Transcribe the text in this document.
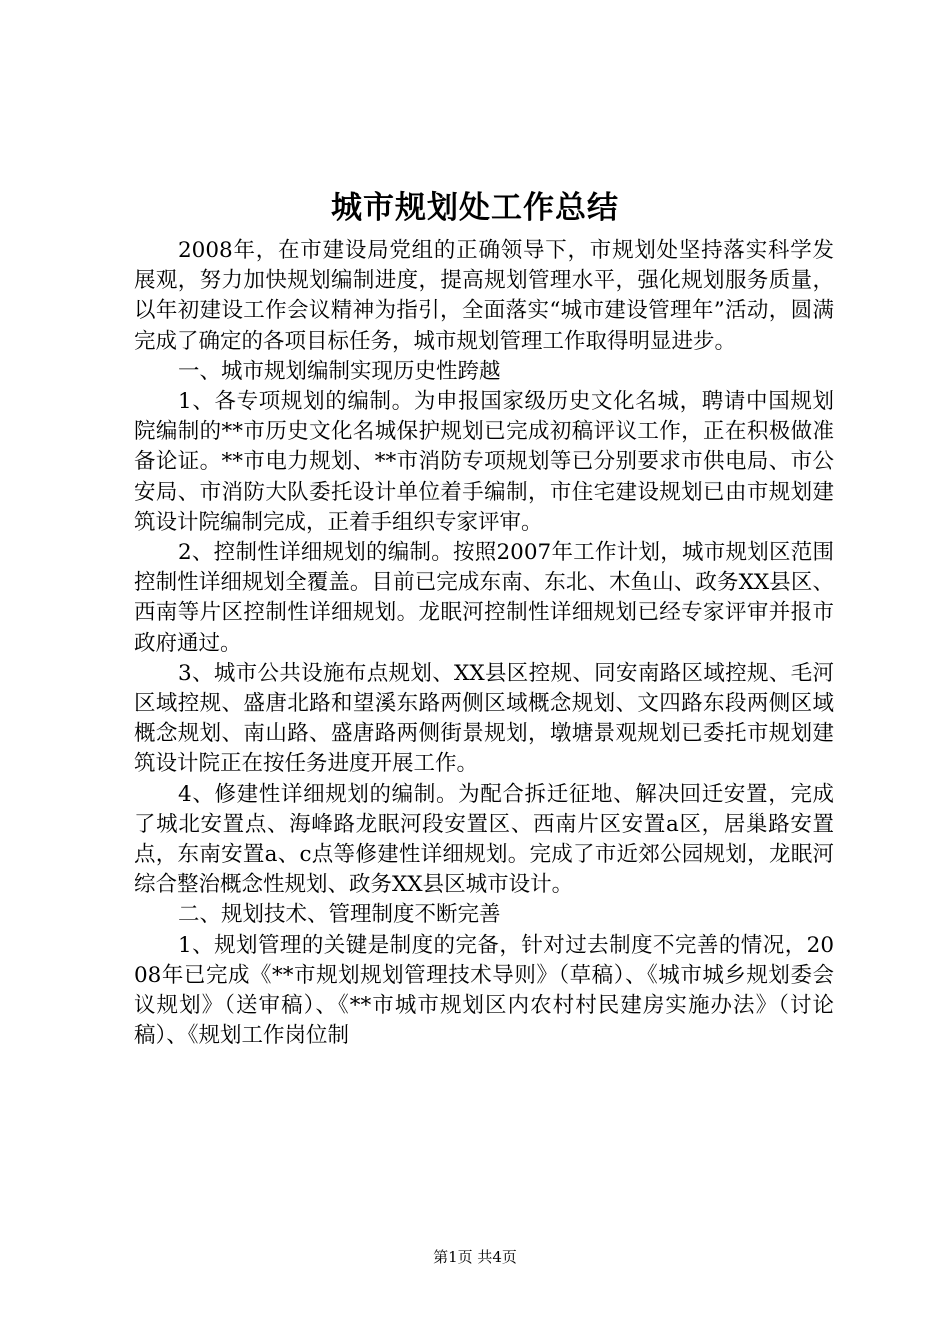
城市规划处工作总结

2008年，在市建设局党组的正确领导下，市规划处坚持落实科学发展观，努力加快规划编制进度，提高规划管理水平，强化规划服务质量，以年初建设工作会议精神为指引，全面落实“城市建设管理年”活动，圆满完成了确定的各项目标任务，城市规划管理工作取得明显进步。

一、城市规划编制实现历史性跨越

1、各专项规划的编制。为申报国家级历史文化名城，聘请中国规划院编制的**市历史文化名城保护规划已完成初稿评议工作，正在积极做准备论证。**市电力规划、**市消防专项规划等已分别要求市供电局、市公安局、市消防大队委托设计单位着手编制，市住宅建设规划已由市规划建筑设计院编制完成，正着手组织专家评审。

2、控制性详细规划的编制。按照2007年工作计划，城市规划区范围控制性详细规划全覆盖。目前已完成东南、东北、木鱼山、政务XX县区、西南等片区控制性详细规划。龙眠河控制性详细规划已经专家评审并报市政府通过。

3、城市公共设施布点规划、XX县区控规、同安南路区域控规、毛河区域控规、盛唐北路和望溪东路两侧区域概念规划、文四路东段两侧区域概念规划、南山路、盛唐路两侧街景规划，墩塘景观规划已委托市规划建筑设计院正在按任务进度开展工作。

4、修建性详细规划的编制。为配合拆迁征地、解决回迁安置，完成了城北安置点、海峰路龙眠河段安置区、西南片区安置a区，居巢路安置点，东南安置a、c点等修建性详细规划。完成了市近郊公园规划，龙眠河综合整治概念性规划、政务XX县区城市设计。

二、规划技术、管理制度不断完善

1、规划管理的关键是制度的完备，针对过去制度不完善的情况，2008年已完成《**市规划规划管理技术导则》（草稿）、《城市城乡规划委会议规划》（送审稿）、《**市城市规划区内农村村民建房实施办法》（讨论稿）、《规划工作岗位制

第1页 共4页
